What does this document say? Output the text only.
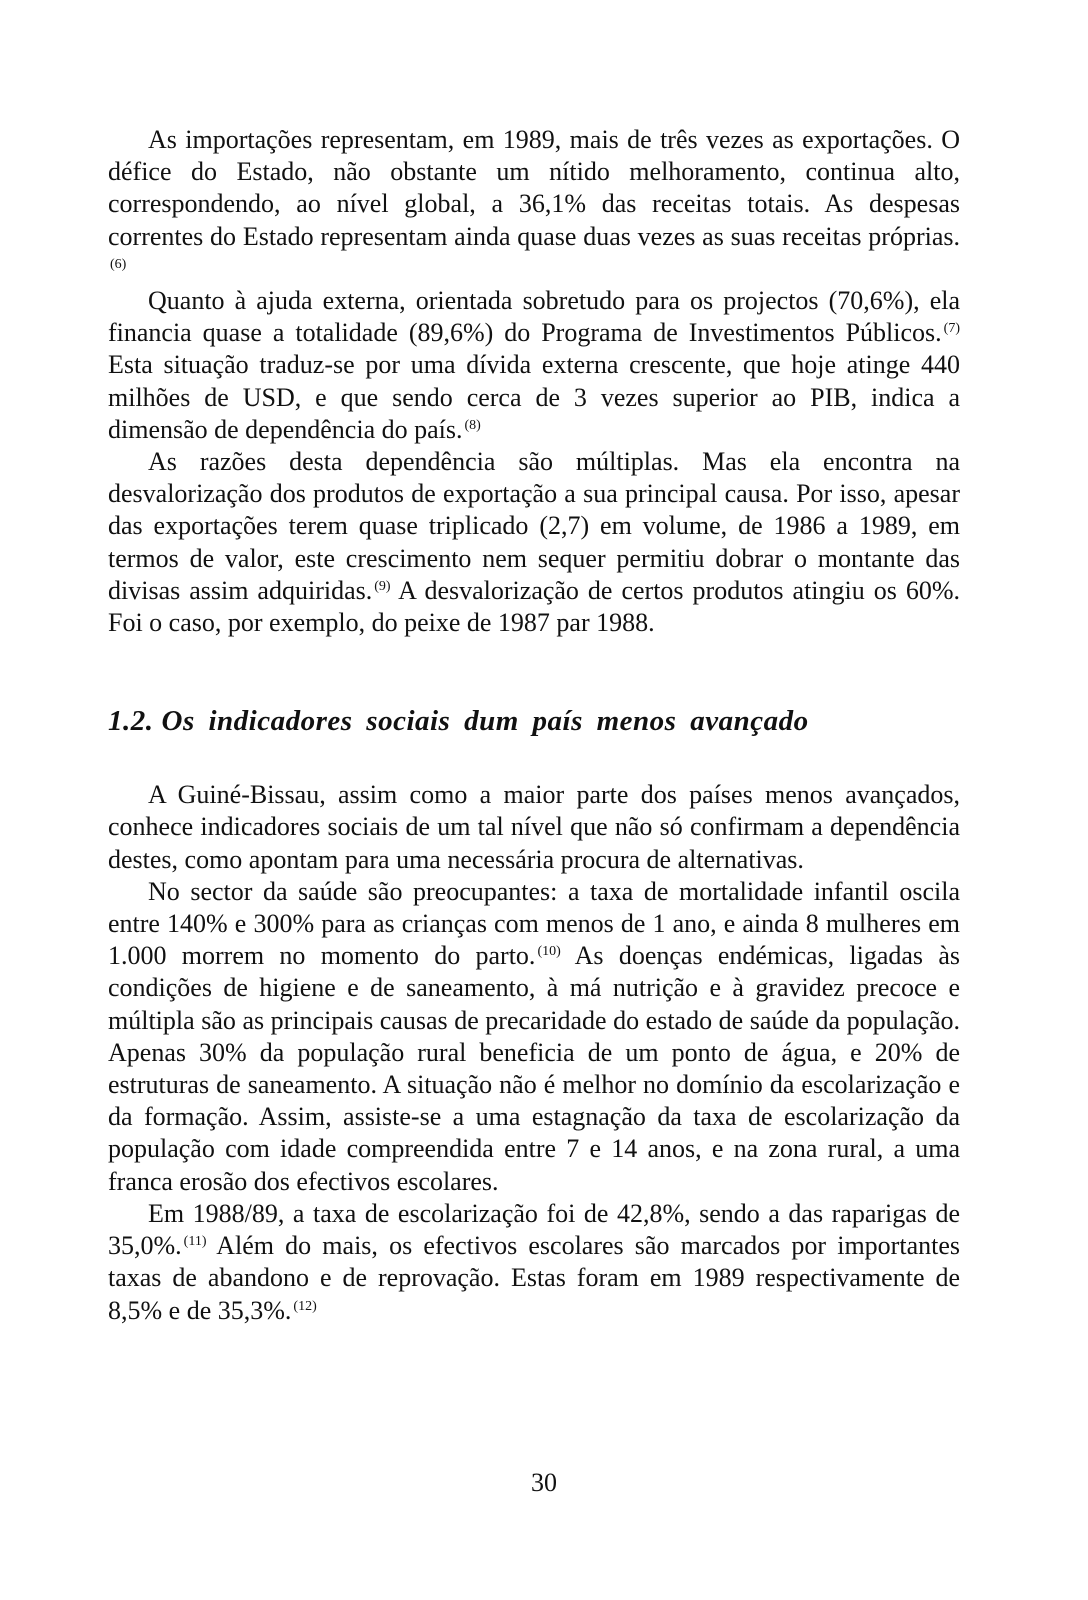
As importações representam, em 1989, mais de três vezes as exportações. O défice do Estado, não obstante um nítido melhoramento, continua alto, correspondendo, ao nível global, a 36,1% das receitas totais. As despesas correntes do Estado representam ainda quase duas vezes as suas receitas próprias.$^{(6)}$

Quanto à ajuda externa, orientada sobretudo para os projectos (70,6%), ela financia quase a totalidade (89,6%) do Programa de Investimentos Públicos. $^{(7)}$ Esta situação traduz-se por uma dívida externa crescente, que hoje atinge 440 milhões de USD, e que sendo cerca de 3 vezes superior ao PIB, indica a dimensão de dependência do país. $^{(8)}$

As razões desta dependência são múltiplas. Mas ela encontra na desvalorização dos produtos de exportação a sua principal causa. Por isso, apesar das exportações terem quase triplicado (2,7) em volume, de 1986 a 1989, em termos de valor, este crescimento nem sequer permitiu dobrar o montante das divisas assim adquiridas. $^{(9)}$ A desvalorização de certos produtos atingiu os 60%. Foi o caso, por exemplo, do peixe de 1987 par 1988.

1.2. Os indicadores sociais dum país menos avançado

A Guiné-Bissau, assim como a maior parte dos países menos avançados, conhece indicadores sociais de um tal nível que não só confirmam a dependência destes, como apontam para uma necessária procura de alternativas.

No sector da saúde são preocupantes: a taxa de mortalidade infantil oscila entre 140% e 300% para as crianças com menos de 1 ano, e ainda 8 mulheres em 1.000 morrem no momento do parto. $^{(10)}$ As doenças endémicas, ligadas às condições de higiene e de saneamento, à má nutrição e à gravidez precoce e múltipla são as principais causas de precaridade do estado de saúde da população. Apenas 30% da população rural beneficia de um ponto de água, e 20% de estruturas de saneamento. A situação não é melhor no domínio da escolarização e da formação. Assim, assiste-se a uma estagnação da taxa de escolarização da população com idade compreendida entre 7 e 14 anos, e na zona rural, a uma franca erosão dos efectivos escolares.

Em 1988/89, a taxa de escolarização foi de 42,8%, sendo a das raparigas de 35,0%. $^{(11)}$ Além do mais, os efectivos escolares são marcados por importantes taxas de abandono e de reprovação. Estas foram em 1989 respectivamente de 8,5% e de 35,3%. $^{(12)}$

30
